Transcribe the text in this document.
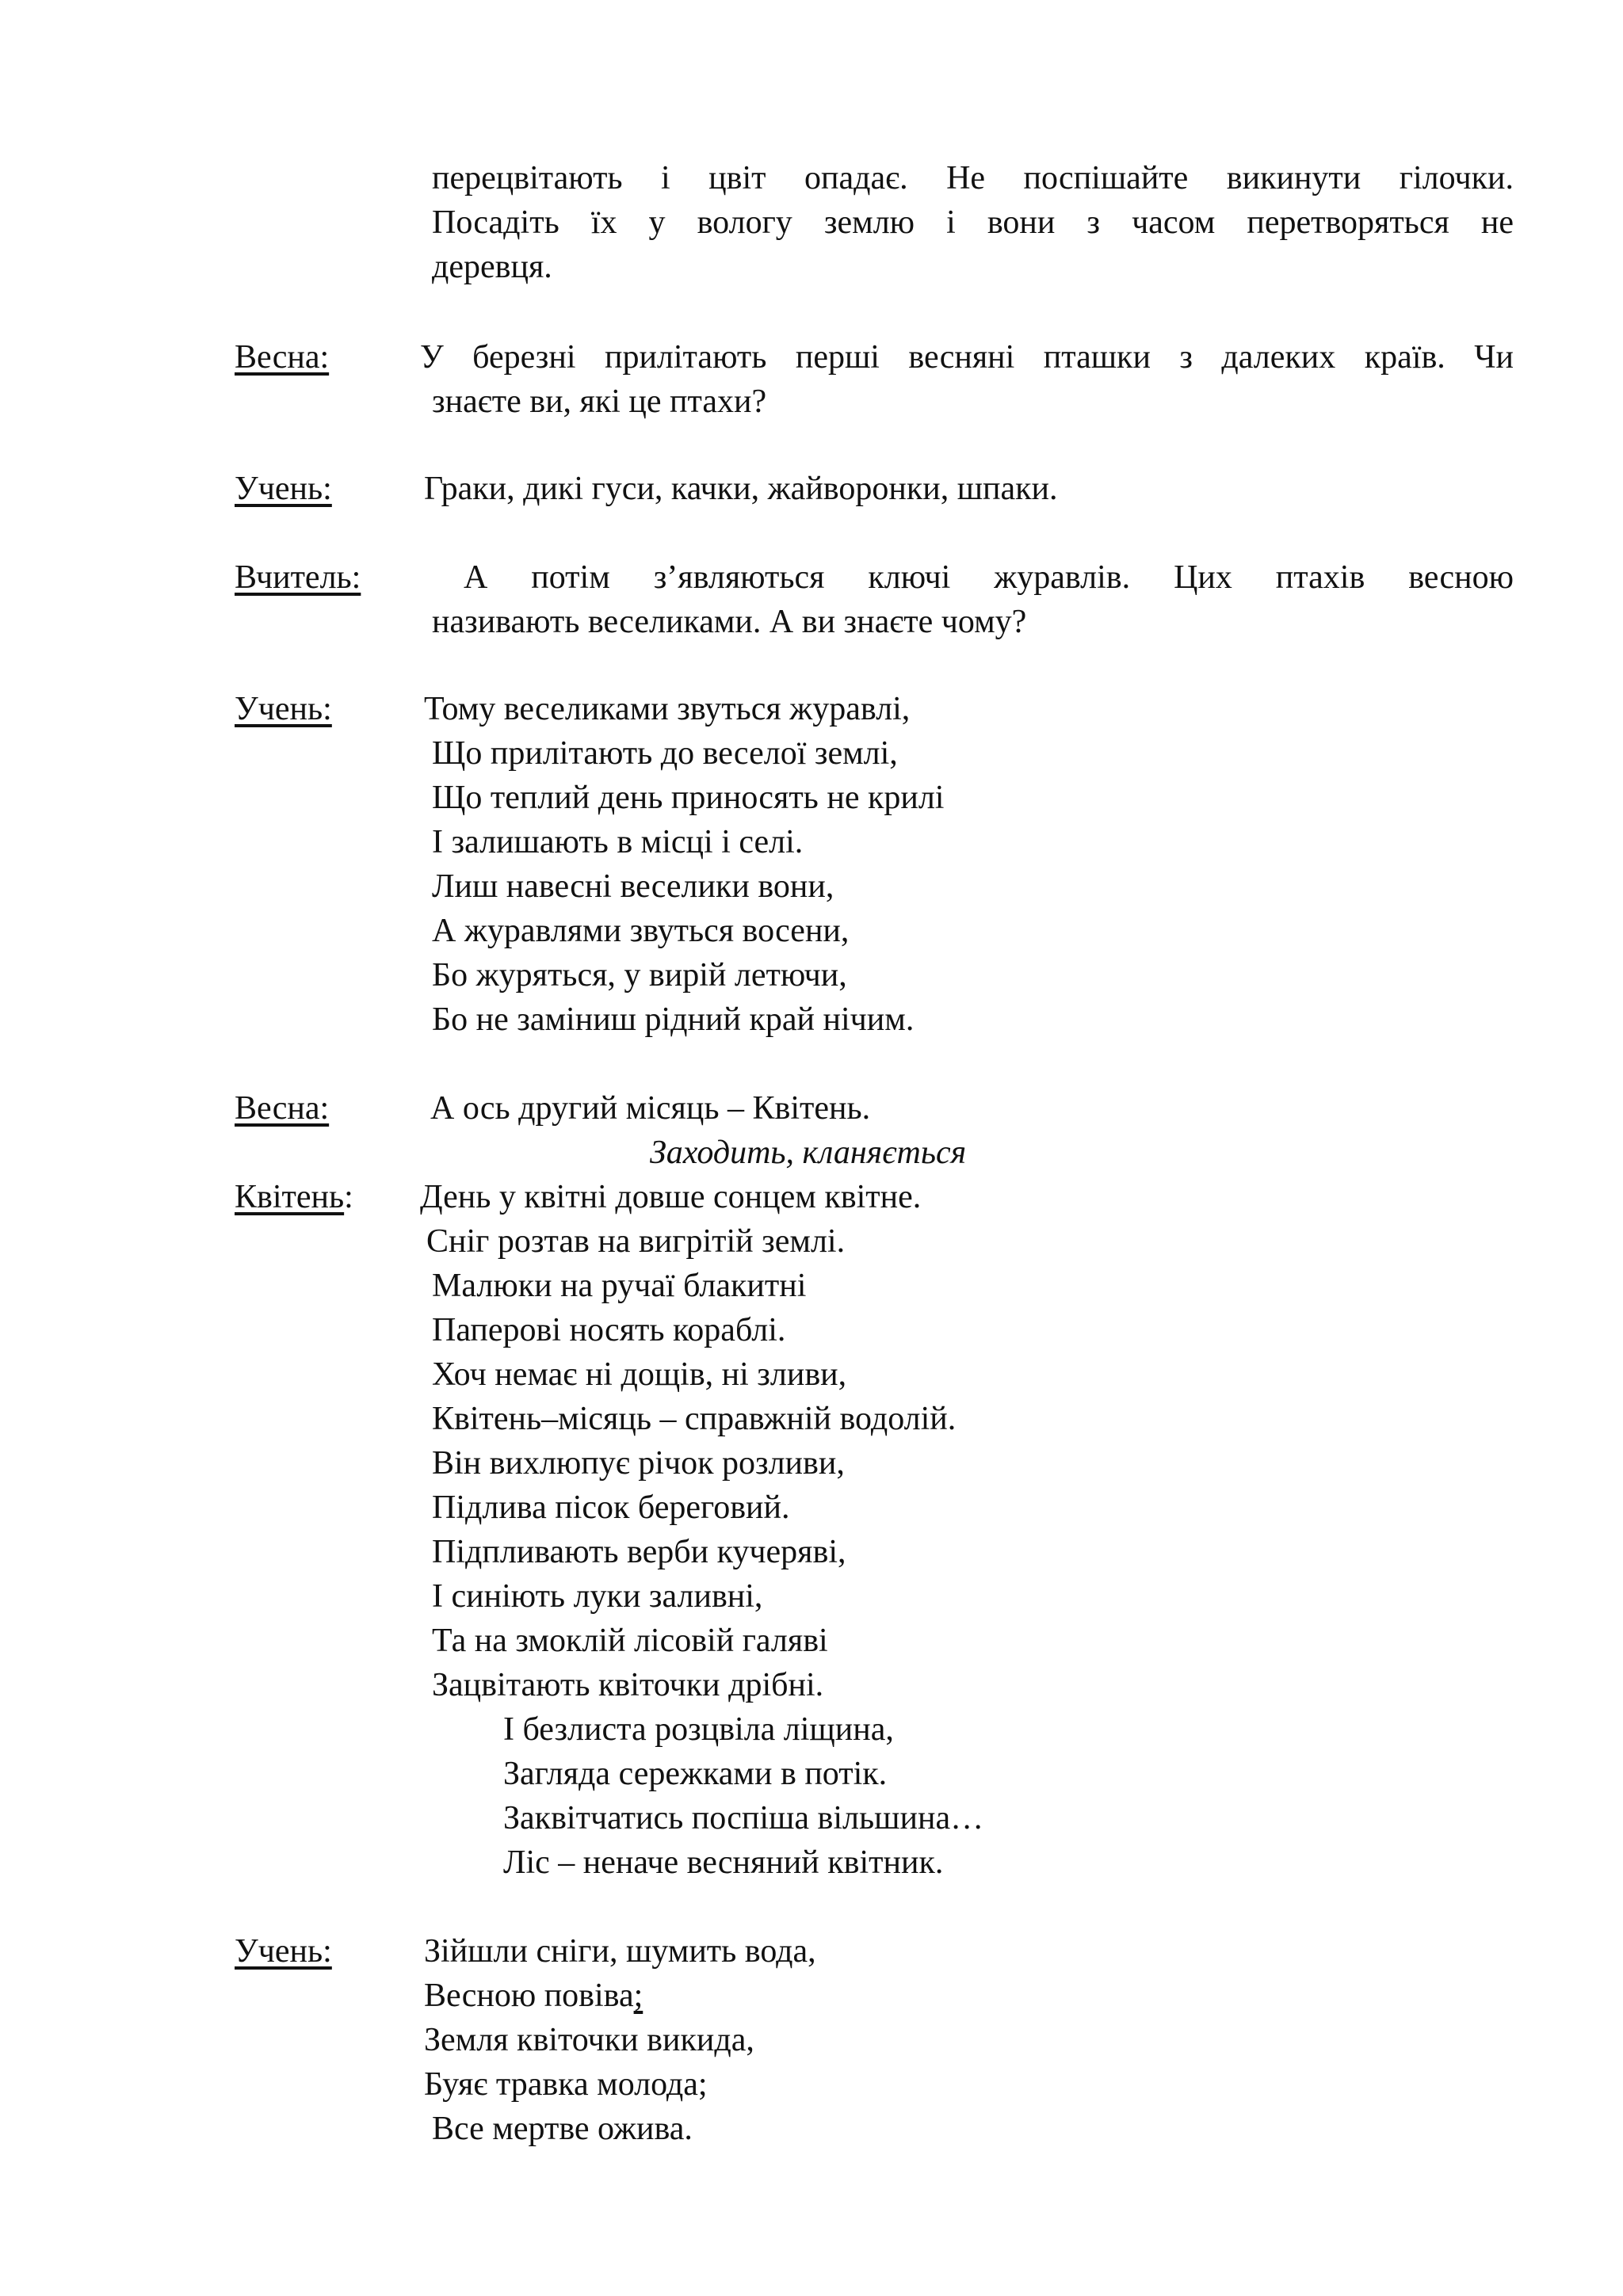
перецвітають і цвіт опадає. Не поспішайте викинути гілочки.
Посадіть їх у вологу землю і вони з часом перетворяться не
деревця.
Весна:	У березні прилітають перші весняні пташки з далеких країв. Чи
знаєте ви, які це птахи?
Учень:	Граки, дикі гуси, качки, жайворонки, шпаки.
Вчитель:	А потім з’являються ключі журавлів. Цих птахів весною
називають веселиками. А ви знаєте чому?
Учень:	Тому веселиками звуться журавлі,
Що прилітають до веселої землі,
Що теплий день приносять не крилі
І залишають в місці і селі.
Лиш навесні веселики вони,
А журавлями звуться восени,
Бо журяться, у вирій летючи,
Бо не заміниш рідний край нічим.
Весна:	А ось другий місяць – Квітень.
Заходить, кланяється
Квітень: День у квітні довше сонцем квітне.
Сніг розтав на вигрітій землі.
Малюки на ручаї блакитні
Паперові носять кораблі.
Хоч немає ні дощів, ні зливи,
Квітень–місяць – справжній водолій.
Він вихлюпує річок розливи,
Підлива пісок береговий.
Підпливають верби кучеряві,
І синіють луки заливні,
Та на змоклій лісовій галяві
Зацвітають квіточки дрібні.
І безлиста розцвіла ліщина,
Загляда сережками в потік.
Заквітчатись поспіша вільшина…
Ліс – неначе весняний квітник.
Учень:	Зійшли сніги, шумить вода,
Весною повіва;
Земля квіточки викида,
Буяє травка молода;
Все мертве ожива.
